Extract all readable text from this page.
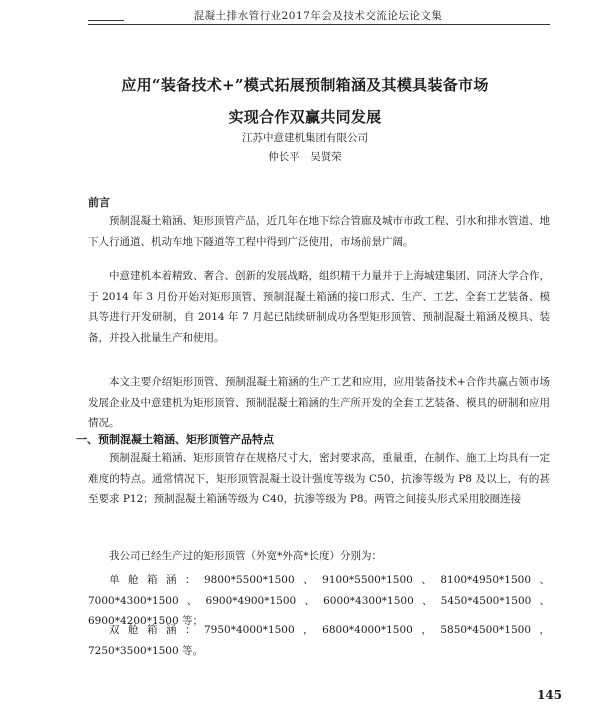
混凝土排水管行业2017年会及技术交流论坛论文集
应用“装备技术+”模式拓展预制箱涵及其模具装备市场
实现合作双赢共同发展
江苏中意建机集团有限公司
仲长平　吴贤荣
前言
预制混凝土箱涵、矩形顶管产品，近几年在地下综合管廊及城市市政工程、引水和排水管道、地下人行通道、机动车地下隧道等工程中得到广泛使用，市场前景广阔。
中意建机本着精致、奢合、创新的发展战略，组织精干力量并于上海城建集团、同济大学合作，于 2014 年 3 月份开始对矩形顶管、预制混凝土箱涵的接口形式、生产、工艺、全套工艺装备、模具等进行开发研制，自 2014 年 7 月起已陆续研制成功各型矩形顶管、预制混凝土箱涵及模具、装备，并投入批量生产和使用。
本文主要介绍矩形顶管、预制混凝土箱涵的生产工艺和应用，应用装备技术+合作共赢占领市场发展企业及中意建机为矩形顶管、预制混凝土箱涵的生产所开发的全套工艺装备、模具的研制和应用情况。
一、预制混凝土箱涵、矩形顶管产品特点
预制混凝土箱涵、矩形顶管存在规格尺寸大，密封要求高，重量重，在制作、施工上均具有一定难度的特点。通常情况下，矩形顶管混凝土设计强度等级为 C50，抗渗等级为 P8 及以上，有的甚至要求 P12；预制混凝土箱涵等级为 C40，抗渗等级为 P8。两管之间接头形式采用胶圈连接
我公司已经生产过的矩形顶管（外宽*外高*长度）分别为：
单舱箱涵：9800*5500*1500、9100*5500*1500、8100*4950*1500、7000*4300*1500、6900*4900*1500、6000*4300*1500、5450*4500*1500、6900*4200*1500 等；
双舱箱涵：7950*4000*1500，6800*4000*1500，5850*4500*1500，7250*3500*1500 等。
145
